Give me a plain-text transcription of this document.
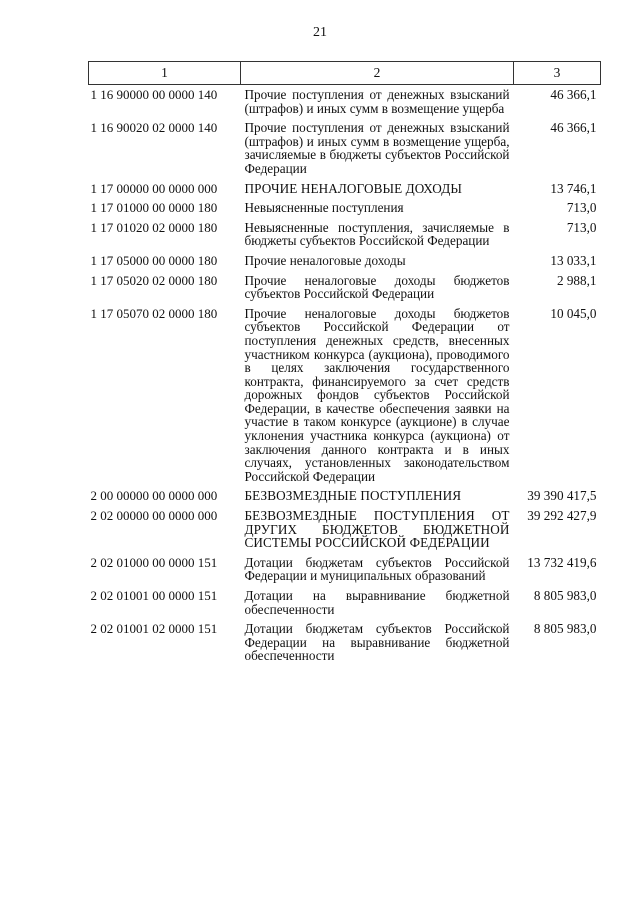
21
1	2	3
1 16 90000 00 0000 140	Прочие поступления от денежных взысканий (штрафов) и иных сумм в возмещение ущерба	46 366,1
1 16 90020 02 0000 140	Прочие поступления от денежных взысканий (штрафов) и иных сумм в возмещение ущерба, зачисляемые в бюджеты субъектов Российской Федерации	46 366,1
1 17 00000 00 0000 000	ПРОЧИЕ НЕНАЛОГОВЫЕ ДОХОДЫ	13 746,1
1 17 01000 00 0000 180	Невыясненные поступления	713,0
1 17 01020 02 0000 180	Невыясненные поступления, зачисляемые в бюджеты субъектов Российской Федерации	713,0
1 17 05000 00 0000 180	Прочие неналоговые доходы	13 033,1
1 17 05020 02 0000 180	Прочие неналоговые доходы бюджетов субъектов Российской Федерации	2 988,1
1 17 05070 02 0000 180	Прочие неналоговые доходы бюджетов субъектов Российской Федерации от поступления денежных средств, внесенных участником конкурса (аукциона), проводимого в целях заключения государственного контракта, финансируемого за счет средств дорожных фондов субъектов Российской Федерации, в качестве обеспечения заявки на участие в таком конкурсе (аукционе) в случае уклонения участника конкурса (аукциона) от заключения данного контракта и в иных случаях, установленных законодательством Российской Федерации	10 045,0
2 00 00000 00 0000 000	БЕЗВОЗМЕЗДНЫЕ ПОСТУПЛЕНИЯ	39 390 417,5
2 02 00000 00 0000 000	БЕЗВОЗМЕЗДНЫЕ ПОСТУПЛЕНИЯ ОТ ДРУГИХ БЮДЖЕТОВ БЮДЖЕТНОЙ СИСТЕМЫ РОССИЙСКОЙ ФЕДЕРАЦИИ	39 292 427,9
2 02 01000 00 0000 151	Дотации бюджетам субъектов Российской Федерации и муниципальных образований	13 732 419,6
2 02 01001 00 0000 151	Дотации на выравнивание бюджетной обеспеченности	8 805 983,0
2 02 01001 02 0000 151	Дотации бюджетам субъектов Российской Федерации на выравнивание бюджетной обеспеченности	8 805 983,0
